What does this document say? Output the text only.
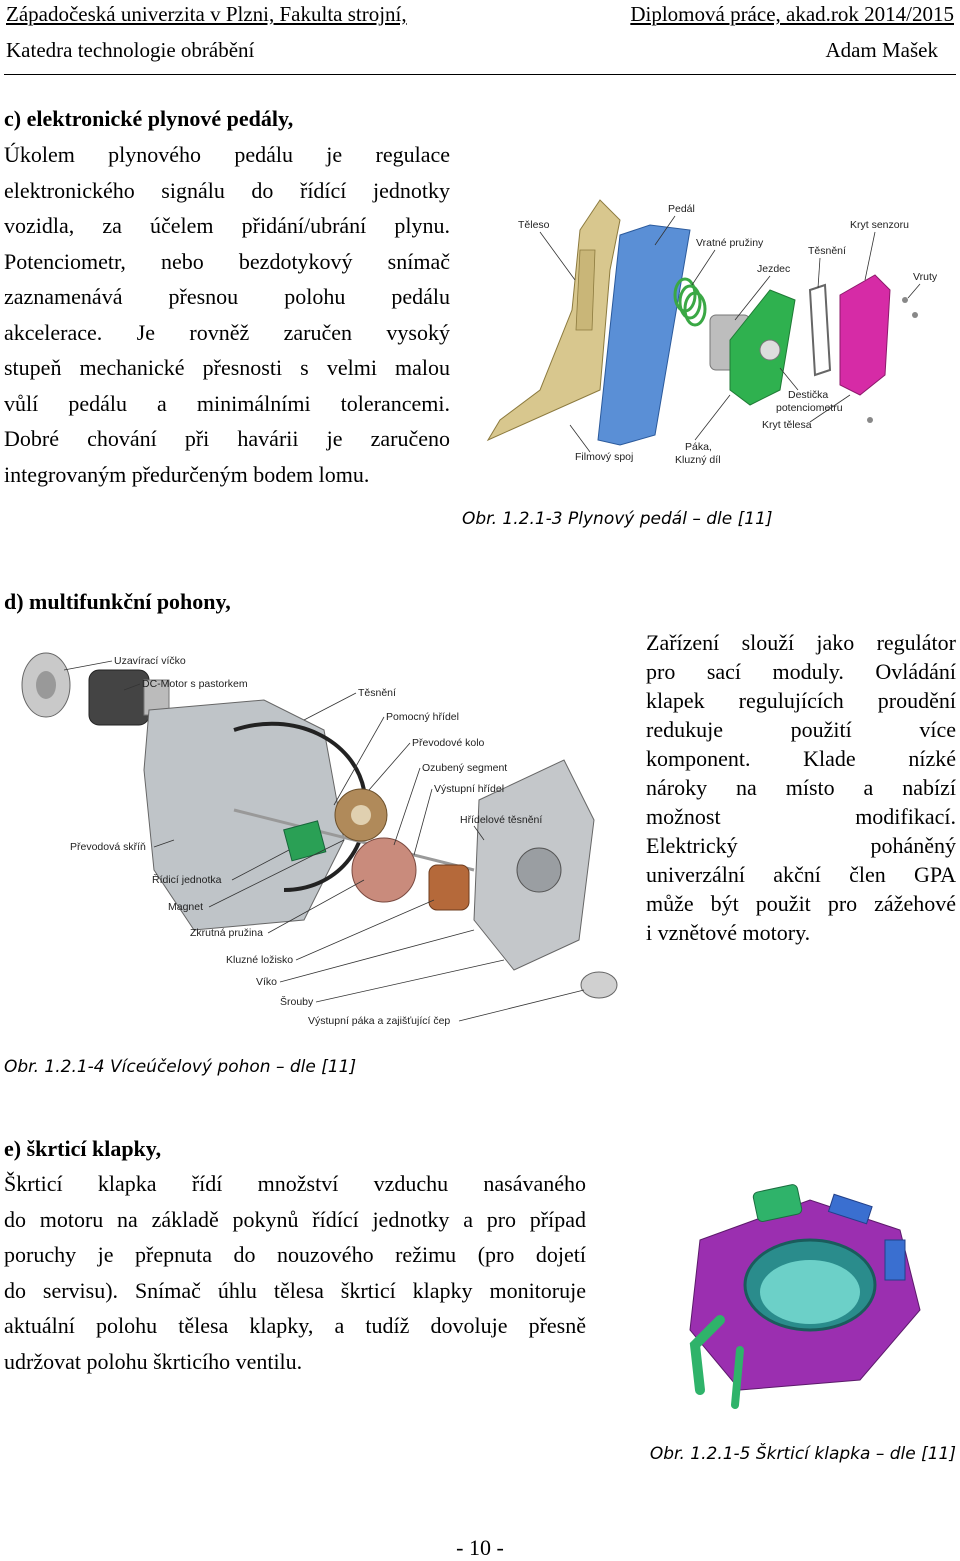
Západočeská univerzita v Plzni, Fakulta strojní,	Diplomová práce, akad.rok 2014/2015
Katedra technologie obrábění	Adam Mašek
c) elektronické plynové pedály,
Úkolem plynového pedálu je regulace
elektronického signálu do řídící jednotky
vozidla, za účelem přidání/ubrání plynu.
Potenciometr, nebo bezdotykový snímač
zaznamenává přesnou polohu pedálu
akcelerace. Je rovněž zaručen vysoký
stupeň mechanické přesnosti s velmi malou
vůlí pedálu a minimálními tolerancemi.
Dobré chování při havárii je zaručeno
integrovaným předurčeným bodem lomu.
Těleso
Pedál
Vratné pružiny
Kryt senzoru
Jezdec
Těsnění
Vruty
Destička
potenciometru
Kryt tělesa
Páka,
Kluzný díl
Filmový spoj
Obr. 1.2.1-3 Plynový pedál – dle [11]
d) multifunkční pohony,
Uzavírací víčko
DC-Motor s pastorkem
Těsnění
Pomocný hřídel
Převodové kolo
Ozubený segment
Výstupní hřídel
Hřídelové těsnění
Převodová skříň
Řídicí jednotka
Magnet
Zkrutná pružina
Kluzné ložisko
Víko
Šrouby
Výstupní páka a zajišťující čep
Zařízení slouží jako regulátor
pro sací moduly. Ovládání
klapek regulujících proudění
redukuje použití více
komponent. Klade nízké
nároky na místo a nabízí
možnost modifikací.
Elektrický poháněný
univerzální akční člen GPA
může být použit pro zážehové
i vznětové motory.
Obr. 1.2.1-4 Víceúčelový pohon – dle [11]
e) škrticí klapky,
Škrticí klapka řídí množství vzduchu nasávaného
do motoru na základě pokynů řídící jednotky a pro případ
poruchy je přepnuta do nouzového režimu (pro dojetí
do servisu). Snímač úhlu tělesa škrticí klapky monitoruje
aktuální polohu tělesa klapky, a tudíž dovoluje přesně
udržovat polohu škrticího ventilu.
Obr. 1.2.1-5 Škrticí klapka – dle [11]
- 10 -
